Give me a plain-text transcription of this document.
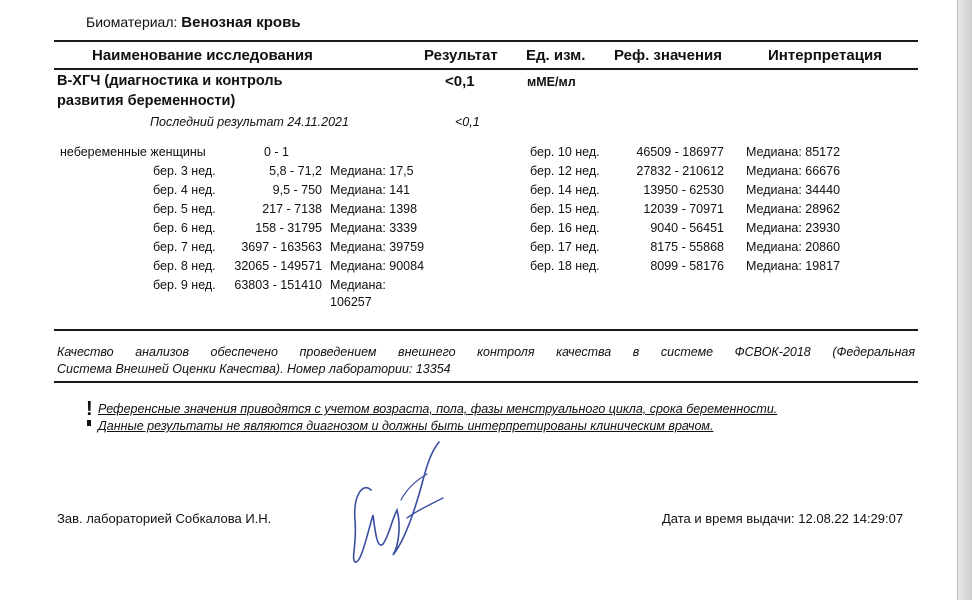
Биоматериал: Венозная кровь
Наименование исследования	Результат Ед. изм. Реф. значения	Интерпретация
B-ХГЧ (диагностика и контроль
развития беременности)
<0,1	мМЕ/мл
Последний результат 24.11.2021	<0,1
небеременные женщины	0 - 1
бер. 3 нед.	5,8 - 71,2 Медиана: 17,5
бер. 4 нед.	9,5 - 750 Медиана: 141
бер. 5 нед.	217 - 7138 Медиана: 1398
бер. 6 нед.	158 - 31795 Медиана: 3339
бер. 7 нед.	3697 - 163563 Медиана: 39759
бер. 8 нед.	32065 - 149571 Медиана: 90084
бер. 9 нед.	63803 - 151410 Медиана:
106257
бер. 10 нед.	46509 - 186977 Медиана: 85172
бер. 12 нед.	27832 - 210612 Медиана: 66676
бер. 14 нед.	13950 - 62530 Медиана: 34440
бер. 15 нед.	12039 - 70971 Медиана: 28962
бер. 16 нед.	9040 - 56451 Медиана: 23930
бер. 17 нед.	8175 - 55868 Медиана: 20860
бер. 18 нед.	8099 - 58176 Медиана: 19817
Качество анализов обеспечено проведением внешнего контроля качества в системе ФСВОК-2018 (Федеральная
Система Внешней Оценки Качества). Номер лаборатории: 13354
! Референсные значения приводятся с учетом возраста, пола, фазы менструального цикла, срока беременности.
Данные результаты не являются диагнозом и должны быть интерпретированы клиническим врачом.
Зав. лабораторией Собкалова И.Н.	Дата и время выдачи: 12.08.22 14:29:07
